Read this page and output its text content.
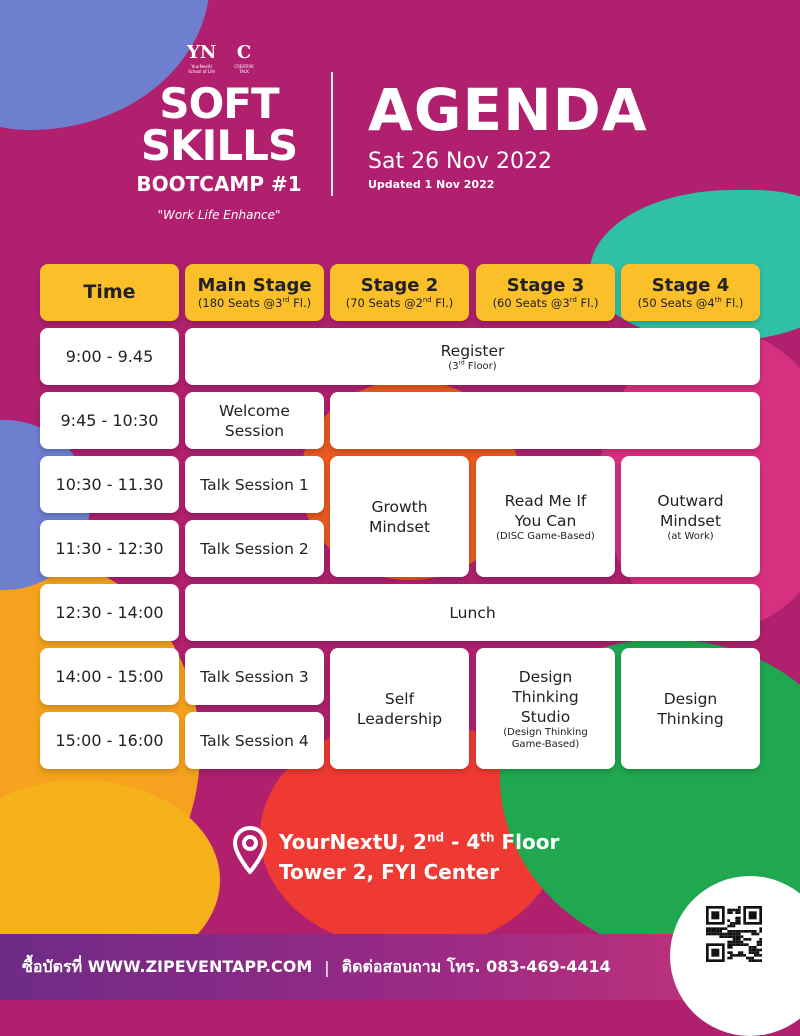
YN
YourNextU
School of Life
C
CREATIVE
TALK
SOFT
SKILLS
BOOTCAMP #1
"Work Life Enhance"
AGENDA
Sat 26 Nov 2022
Updated 1 Nov 2022
Time	Main Stage
(180 Seats @3rd Fl.)
Stage 2
(70 Seats @2nd Fl.)
Stage 3
(60 Seats @3rd Fl.)
Stage 4
(50 Seats @4th Fl.)
9:00 - 9.45
9:45 - 10:30
10:30 - 11.30
11:30 - 12:30
12:30 - 14:00
14:00 - 15:00
15:00 - 16:00
Register
(3rd Floor)
Welcome Session
Talk Session 1
Talk Session 2
Growth Mindset
Read Me If You Can
(DISC Game-Based)
Outward Mindset
(at Work)
Lunch
Talk Session 3
Talk Session 4
Self Leadership
Design Thinking Studio
(Design Thinking Game-Based)
Design Thinking
YourNextU, 2nd - 4th Floor
Tower 2, FYI Center
ซื้อบัตรที่ WWW.ZIPEVENTAPP.COM | ติดต่อสอบถาม โทร. 083-469-4414
